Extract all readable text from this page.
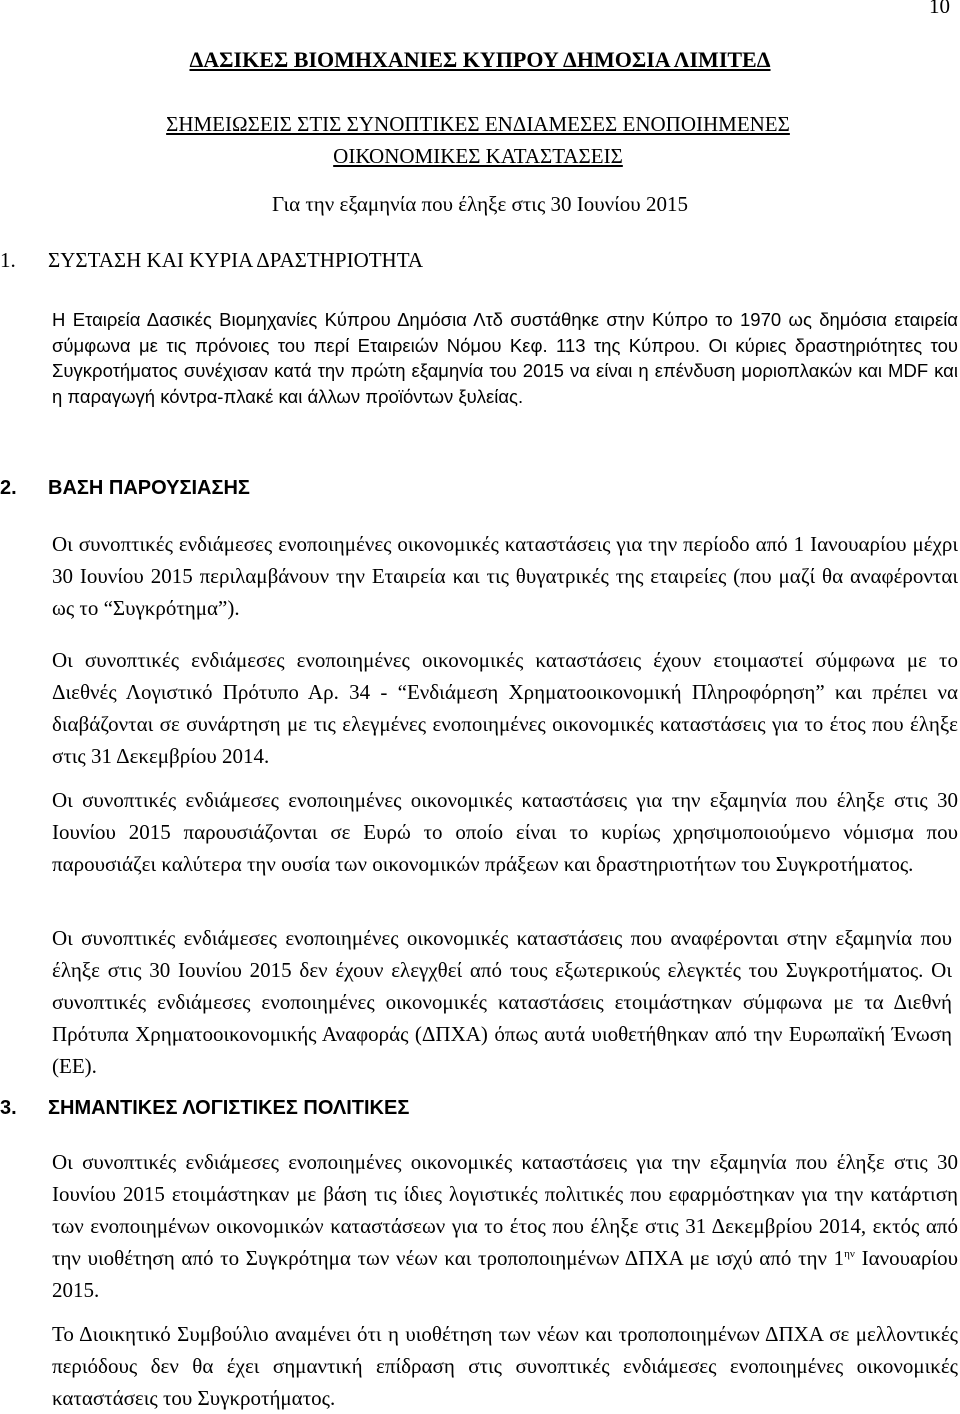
10
ΔΑΣΙΚΕΣ ΒΙΟΜΗΧΑΝΙΕΣ ΚΥΠΡΟΥ ΔΗΜΟΣΙΑ ΛΙΜΙΤΕΔ
ΣΗΜΕΙΩΣΕΙΣ ΣΤΙΣ ΣΥΝΟΠΤΙΚΕΣ ΕΝΔΙΑΜΕΣΕΣ ΕΝΟΠΟΙΗΜΕΝΕΣ
ΟΙΚΟΝΟΜΙΚΕΣ ΚΑΤΑΣΤΑΣΕΙΣ
Για την εξαμηνία που έληξε στις 30 Ιουνίου 2015
1. ΣΥΣΤΑΣΗ ΚΑΙ ΚΥΡΙΑ ΔΡΑΣΤΗΡΙΟΤΗΤΑ

Η Εταιρεία Δασικές Βιομηχανίες Κύπρου Δημόσια Λτδ συστάθηκε στην Κύπρο το 1970 ως δημόσια εταιρεία σύμφωνα με τις πρόνοιες του περί Εταιρειών Νόμου Κεφ. 113 της Κύπρου. Οι κύριες δραστηριότητες του Συγκροτήματος συνέχισαν κατά την πρώτη εξαμηνία του 2015 να είναι η επένδυση μοριοπλακών και MDF και η παραγωγή κόντρα-πλακέ και άλλων προϊόντων ξυλείας.

2. ΒΑΣΗ ΠΑΡΟΥΣΙΑΣΗΣ

Οι συνοπτικές ενδιάμεσες ενοποιημένες οικονομικές καταστάσεις για την περίοδο από 1 Ιανουαρίου μέχρι 30 Ιουνίου 2015 περιλαμβάνουν την Εταιρεία και τις θυγατρικές της εταιρείες (που μαζί θα αναφέρονται ως το “Συγκρότημα”).

Οι συνοπτικές ενδιάμεσες ενοποιημένες οικονομικές καταστάσεις έχουν ετοιμαστεί σύμφωνα με το Διεθνές Λογιστικό Πρότυπο Αρ. 34 - “Ενδιάμεση Χρηματοοικονομική Πληροφόρηση” και πρέπει να διαβάζονται σε συνάρτηση με τις ελεγμένες ενοποιημένες οικονομικές καταστάσεις για το έτος που έληξε στις 31 Δεκεμβρίου 2014.

Οι συνοπτικές ενδιάμεσες ενοποιημένες οικονομικές καταστάσεις για την εξαμηνία που έληξε στις 30 Ιουνίου 2015 παρουσιάζονται σε Ευρώ το οποίο είναι το κυρίως χρησιμοποιούμενο νόμισμα που παρουσιάζει καλύτερα την ουσία των οικονομικών πράξεων και δραστηριοτήτων του Συγκροτήματος.

Οι συνοπτικές ενδιάμεσες ενοποιημένες οικονομικές καταστάσεις που αναφέρονται στην εξαμηνία που έληξε στις 30 Ιουνίου 2015 δεν έχουν ελεγχθεί από τους εξωτερικούς ελεγκτές του Συγκροτήματος. Οι συνοπτικές ενδιάμεσες ενοποιημένες οικονομικές καταστάσεις ετοιμάστηκαν σύμφωνα με τα Διεθνή Πρότυπα Χρηματοοικονομικής Αναφοράς (ΔΠΧΑ) όπως αυτά υιοθετήθηκαν από την Ευρωπαϊκή Ένωση (ΕΕ).

3. ΣΗΜΑΝΤΙΚΕΣ ΛΟΓΙΣΤΙΚΕΣ ΠΟΛΙΤΙΚΕΣ

Οι συνοπτικές ενδιάμεσες ενοποιημένες οικονομικές καταστάσεις για την εξαμηνία που έληξε στις 30 Ιουνίου 2015 ετοιμάστηκαν με βάση τις ίδιες λογιστικές πολιτικές που εφαρμόστηκαν για την κατάρτιση των ενοποιημένων οικονομικών καταστάσεων για το έτος που έληξε στις 31 Δεκεμβρίου 2014, εκτός από την υιοθέτηση από το Συγκρότημα των νέων και τροποποιημένων ΔΠΧΑ με ισχύ από την $1^{\eta\nu}$ Ιανουαρίου 2015.

Το Διοικητικό Συμβούλιο αναμένει ότι η υιοθέτηση των νέων και τροποποιημένων ΔΠΧΑ σε μελλοντικές περιόδους δεν θα έχει σημαντική επίδραση στις συνοπτικές ενδιάμεσες ενοποιημένες οικονομικές καταστάσεις του Συγκροτήματος.
